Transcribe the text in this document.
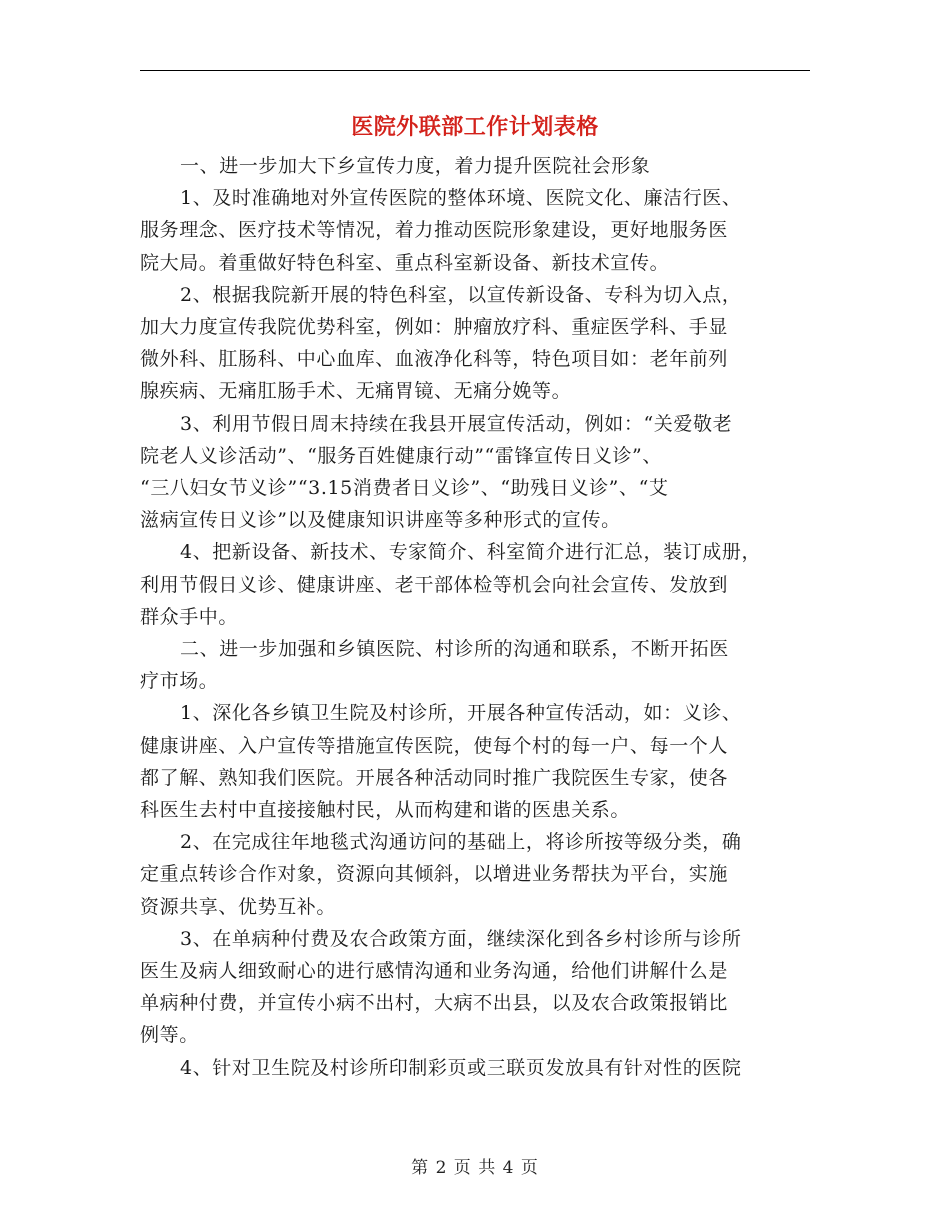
医院外联部工作计划表格

一、进一步加大下乡宣传力度，着力提升医院社会形象

1、及时准确地对外宣传医院的整体环境、医院文化、廉洁行医、
服务理念、医疗技术等情况，着力推动医院形象建设，更好地服务医
院大局。着重做好特色科室、重点科室新设备、新技术宣传。

2、根据我院新开展的特色科室，以宣传新设备、专科为切入点，
加大力度宣传我院优势科室，例如：肿瘤放疗科、重症医学科、手显
微外科、肛肠科、中心血库、血液净化科等，特色项目如：老年前列
腺疾病、无痛肛肠手术、无痛胃镜、无痛分娩等。

3、利用节假日周末持续在我县开展宣传活动，例如：“关爱敬老
院老人义诊活动”、“服务百姓健康行动”“雷锋宣传日义诊”、
“三八妇女节义诊”“3.15消费者日义诊”、“助残日义诊”、“艾
滋病宣传日义诊”以及健康知识讲座等多种形式的宣传。

4、把新设备、新技术、专家简介、科室简介进行汇总，装订成册，
利用节假日义诊、健康讲座、老干部体检等机会向社会宣传、发放到
群众手中。

二、进一步加强和乡镇医院、村诊所的沟通和联系，不断开拓医
疗市场。

1、深化各乡镇卫生院及村诊所，开展各种宣传活动，如：义诊、
健康讲座、入户宣传等措施宣传医院，使每个村的每一户、每一个人
都了解、熟知我们医院。开展各种活动同时推广我院医生专家，使各
科医生去村中直接接触村民，从而构建和谐的医患关系。

2、在完成往年地毯式沟通访问的基础上，将诊所按等级分类，确
定重点转诊合作对象，资源向其倾斜，以增进业务帮扶为平台，实施
资源共享、优势互补。

3、在单病种付费及农合政策方面，继续深化到各乡村诊所与诊所
医生及病人细致耐心的进行感情沟通和业务沟通，给他们讲解什么是
单病种付费，并宣传小病不出村，大病不出县，以及农合政策报销比
例等。

4、针对卫生院及村诊所印制彩页或三联页发放具有针对性的医院

第 2 页 共 4 页
